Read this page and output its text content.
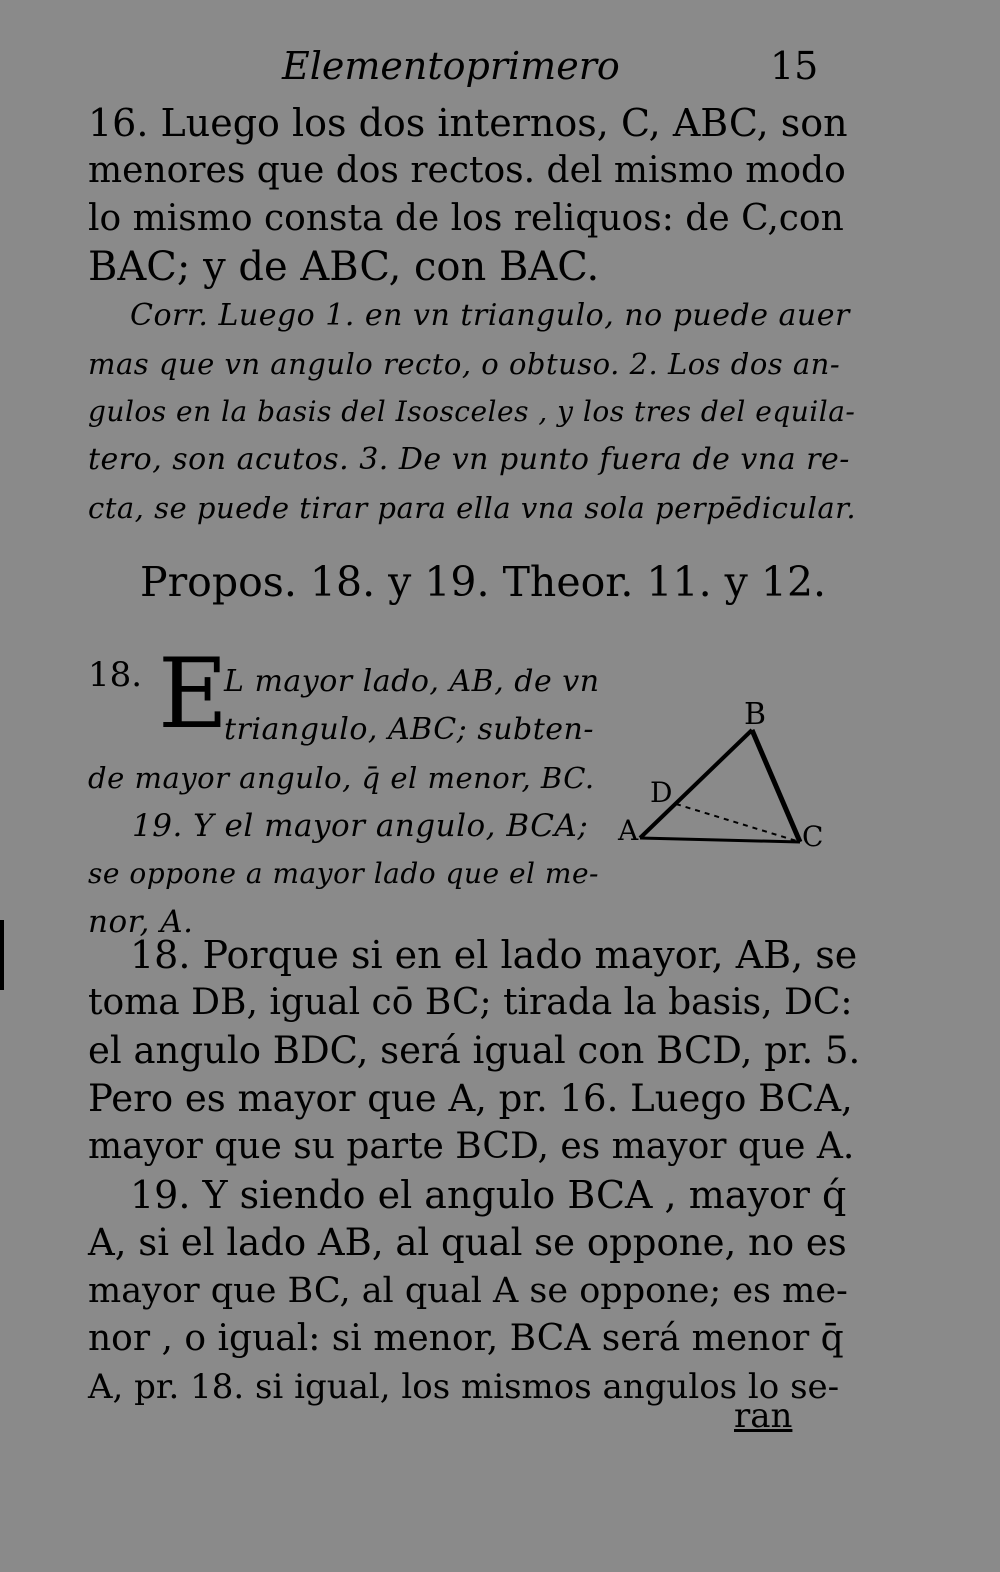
Elementoprimero	15
16. Luego los dos internos, C, ABC, son
menores que dos rectos. del mismo modo
lo mismo consta de los reliquos: de C,con
BAC; y de ABC, con BAC.
Corr. Luego 1. en vn triangulo, no puede auer
mas que vn angulo recto, o obtuso. 2. Los dos an-
gulos en la basis del Isosceles , y los tres del equila-
tero, son acutos. 3. De vn punto fuera de vna re-
cta, se puede tirar para ella vna sola perpēdicular.
Propos. 18. y 19. Theor. 11. y 12.
18. E
L mayor lado, AB, de vn
triangulo, ABC; subten-
de mayor angulo, q̄ el menor, BC.
19. Y el mayor angulo, BCA;
se oppone a mayor lado que el me-
nor, A.
B
D
A	C
18. Porque si en el lado mayor, AB, se
toma DB, igual cō BC; tirada la basis, DC:
el angulo BDC, será igual con BCD, pr. 5.
Pero es mayor que A, pr. 16. Luego BCA,
mayor que su parte BCD, es mayor que A.
19. Y siendo el angulo BCA , mayor q́
A, si el lado AB, al qual se oppone, no es
mayor que BC, al qual A se oppone; es me-
nor , o igual: si menor, BCA será menor q̄
A, pr. 18. si igual, los mismos angulos lo se-
ran
